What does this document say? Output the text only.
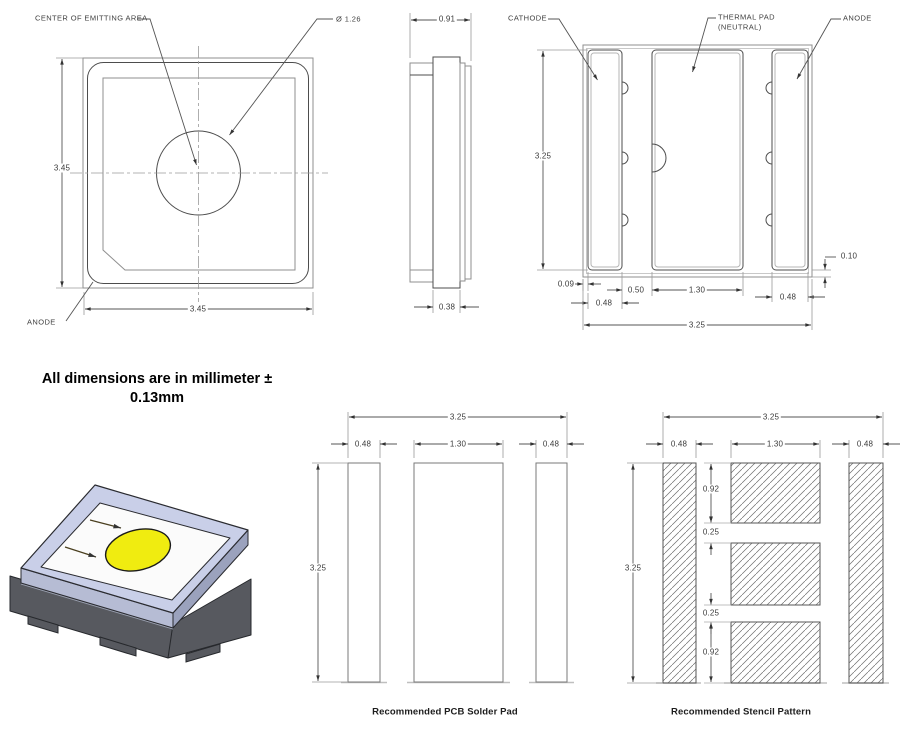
CENTER OF EMITTING AREA	Ø 1.26
ANODE
3.45
3.45
0.91
0.38
CATHODE	THERMAL PAD
(NEUTRAL)
ANODE
3.25
0.09
0.48
0.50	1.30
0.48
3.25
0.10
All dimensions are in millimeter ±
0.13mm
3.25
0.48	1.30	0.48
3.25
Recommended PCB Solder Pad
3.25
0.48	1.30	0.48
3.25
0.92
0.25
0.25
0.92
Recommended Stencil Pattern
